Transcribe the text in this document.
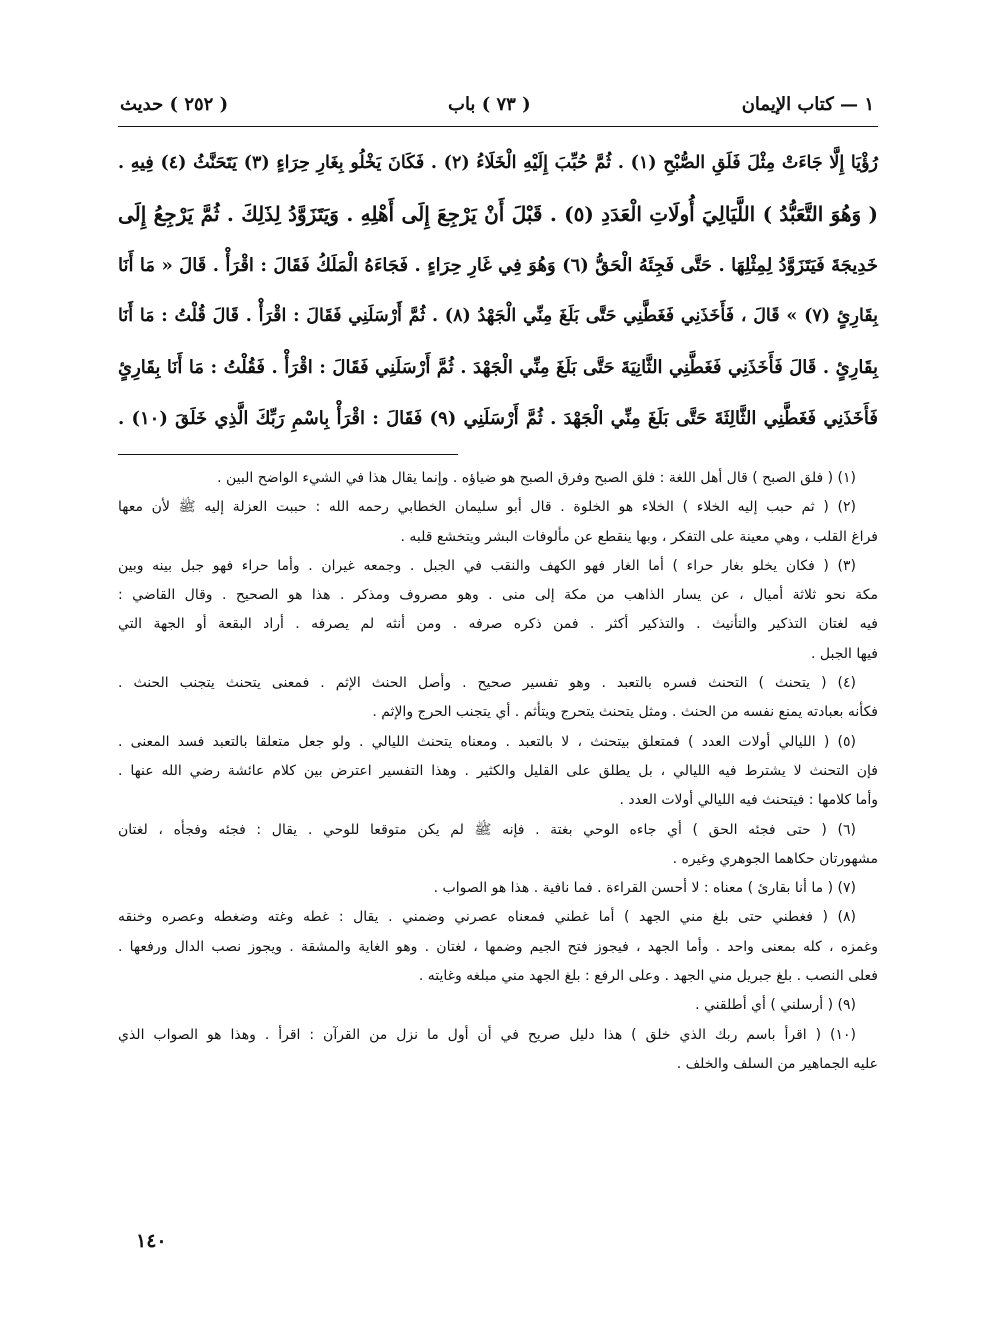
١ — كتاب الإيمان
( ٧٣ ) باب
( ٢٥٢ ) حديث
رُؤْيَا إِلَّا جَاءَتْ مِثْلَ فَلَقِ الصُّبْحِ (١) . ثُمَّ حُبِّبَ إِلَيْهِ الْخَلَاءُ (٢) . فَكَانَ يَخْلُو بِغَارِ حِرَاءٍ (٣) يَتَحَنَّثُ (٤) فِيهِ .
( وَهُوَ التَّعَبُّدُ ) اللَّيَالِيَ أُولَاتِ الْعَدَدِ (٥) . قَبْلَ أَنْ يَرْجِعَ إِلَى أَهْلِهِ . وَيَتَزَوَّدُ لِذَلِكَ . ثُمَّ يَرْجِعُ إِلَى
خَدِيجَةَ فَيَتَزَوَّدُ لِمِثْلِهَا . حَتَّى فَجِئَهُ الْحَقُّ (٦) وَهُوَ فِي غَارِ حِرَاءٍ . فَجَاءَهُ الْمَلَكُ فَقَالَ : اقْرَأْ . قَالَ « مَا أَنَا
بِقَارِئٍ (٧) » قَالَ ، فَأَخَذَنِي فَغَطَّنِي حَتَّى بَلَغَ مِنِّي الْجَهْدُ (٨) . ثُمَّ أَرْسَلَنِي فَقَالَ : اقْرَأْ . قَالَ قُلْتُ : مَا أَنَا
بِقَارِئٍ . قَالَ فَأَخَذَنِي فَغَطَّنِي الثَّانِيَةَ حَتَّى بَلَغَ مِنِّي الْجَهْدَ . ثُمَّ أَرْسَلَنِي فَقَالَ : اقْرَأْ . فَقُلْتُ : مَا أَنَا بِقَارِئٍ
فَأَخَذَنِي فَغَطَّنِي الثَّالِثَةَ حَتَّى بَلَغَ مِنِّي الْجَهْدَ . ثُمَّ أَرْسَلَنِي (٩) فَقَالَ : اقْرَأْ بِاسْمِ رَبِّكَ الَّذِي خَلَقَ (١٠) .
(١) ( فلق الصبح ) قال أهل اللغة : فلق الصبح وفرق الصبح هو ضياؤه . وإنما يقال هذا في الشيء الواضح البين .
(٢) ( ثم حبب إليه الخلاء ) الخلاء هو الخلوة . قال أبو سليمان الخطابي رحمه الله : حببت العزلة إليه ﷺ لأن معها
فراغ القلب ، وهي معينة على التفكر ، وبها ينقطع عن مألوفات البشر ويتخشع قلبه .
(٣) ( فكان يخلو بغار حراء ) أما الغار فهو الكهف والنقب في الجبل . وجمعه غيران . وأما حراء فهو جبل بينه وبين
مكة نحو ثلاثة أميال ، عن يسار الذاهب من مكة إلى منى . وهو مصروف ومذكر . هذا هو الصحيح . وقال القاضي :
فيه لغتان التذكير والتأنيث . والتذكير أكثر . فمن ذكره صرفه . ومن أنثه لم يصرفه . أراد البقعة أو الجهة التي
فيها الجبل .
(٤) ( يتحنث ) التحنث فسره بالتعبد . وهو تفسير صحيح . وأصل الحنث الإثم . فمعنى يتحنث يتجنب الحنث .
فكأنه بعبادته يمنع نفسه من الحنث . ومثل يتحنث يتحرج ويتأثم . أي يتجنب الحرج والإثم .
(٥) ( الليالي أولات العدد ) فمتعلق بيتحنث ، لا بالتعبد . ومعناه يتحنث الليالي . ولو جعل متعلقا بالتعبد فسد المعنى .
فإن التحنث لا يشترط فيه الليالي ، بل يطلق على القليل والكثير . وهذا التفسير اعترض بين كلام عائشة رضي الله عنها .
وأما كلامها : فيتحنث فيه الليالي أولات العدد .
(٦) ( حتى فجئه الحق ) أي جاءه الوحي بغتة . فإنه ﷺ لم يكن متوقعا للوحي . يقال : فجئه وفجأه ، لغتان
مشهورتان حكاهما الجوهري وغيره .
(٧) ( ما أنا بقارئ ) معناه : لا أحسن القراءة . فما نافية . هذا هو الصواب .
(٨) ( فغطني حتى بلغ مني الجهد ) أما غطني فمعناه عصرني وضمني . يقال : غطه وغته وضغطه وعصره وخنقه
وغمزه ، كله بمعنى واحد . وأما الجهد ، فيجوز فتح الجيم وضمها ، لغتان . وهو الغاية والمشقة . ويجوز نصب الدال ورفعها .
فعلى النصب . بلغ جبريل مني الجهد . وعلى الرفع : بلغ الجهد مني مبلغه وغايته .
(٩) ( أرسلني ) أي أطلقني .
(١٠) ( اقرأ باسم ربك الذي خلق ) هذا دليل صريح في أن أول ما نزل من القرآن : اقرأ . وهذا هو الصواب الذي
عليه الجماهير من السلف والخلف .
١٤٠
